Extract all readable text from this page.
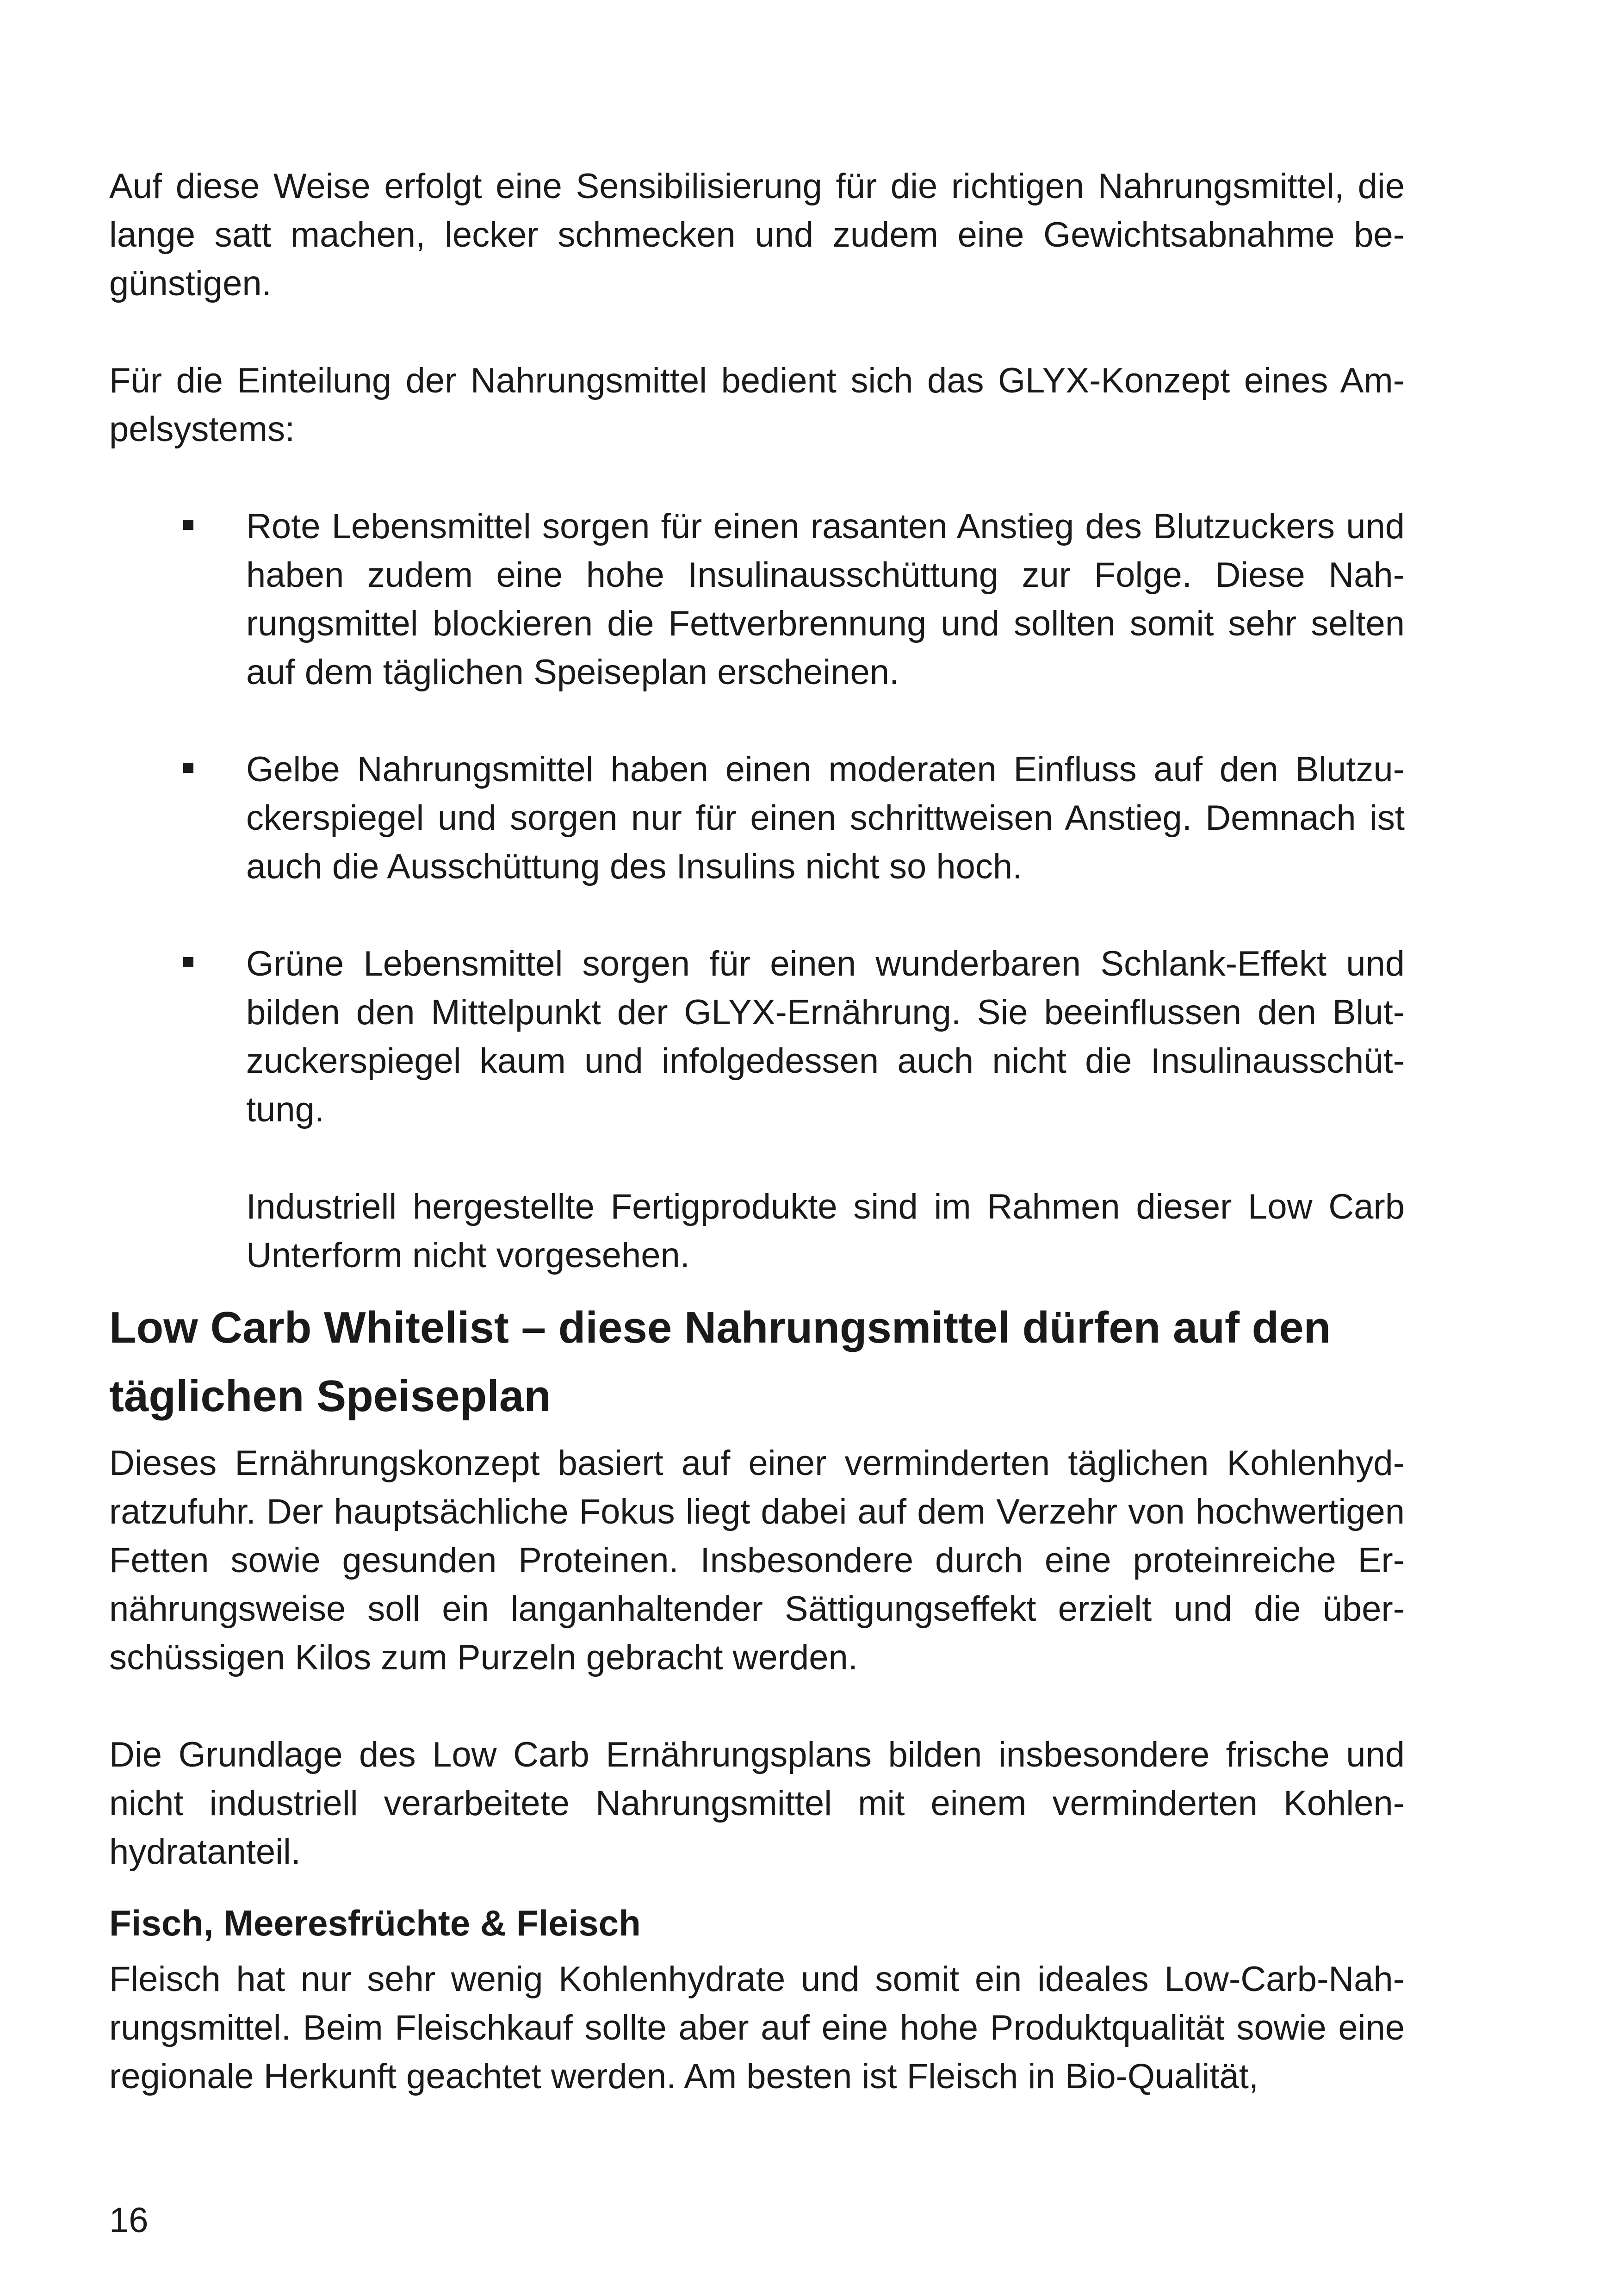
Auf diese Weise erfolgt eine Sensibilisierung für die richtigen Nahrungsmittel, die lange satt machen, lecker schmecken und zudem eine Gewichtsabnahme begünstigen.

Für die Einteilung der Nahrungsmittel bedient sich das GLYX-Konzept eines Ampelsystems:

Rote Lebensmittel sorgen für einen rasanten Anstieg des Blutzuckers und haben zudem eine hohe Insulinausschüttung zur Folge. Diese Nahrungsmittel blockieren die Fettverbrennung und sollten somit sehr selten auf dem täglichen Speiseplan erscheinen.
Gelbe Nahrungsmittel haben einen moderaten Einfluss auf den Blutzuckerspiegel und sorgen nur für einen schrittweisen Anstieg. Demnach ist auch die Ausschüttung des Insulins nicht so hoch.
Grüne Lebensmittel sorgen für einen wunderbaren Schlank-Effekt und bilden den Mittelpunkt der GLYX-Ernährung. Sie beeinflussen den Blutzuckerspiegel kaum und infolgedessen auch nicht die Insulinausschüttung.

Industriell hergestellte Fertigprodukte sind im Rahmen dieser Low Carb Unterform nicht vorgesehen.

Low Carb Whitelist – diese Nahrungsmittel dürfen auf den täglichen Speiseplan

Dieses Ernährungskonzept basiert auf einer verminderten täglichen Kohlenhydratzufuhr. Der hauptsächliche Fokus liegt dabei auf dem Verzehr von hochwertigen Fetten sowie gesunden Proteinen. Insbesondere durch eine proteinreiche Ernährungsweise soll ein langanhaltender Sättigungseffekt erzielt und die überschüssigen Kilos zum Purzeln gebracht werden.

Die Grundlage des Low Carb Ernährungsplans bilden insbesondere frische und nicht industriell verarbeitete Nahrungsmittel mit einem verminderten Kohlenhydratanteil.

Fisch, Meeresfrüchte & Fleisch

Fleisch hat nur sehr wenig Kohlenhydrate und somit ein ideales Low-Carb-Nahrungsmittel. Beim Fleischkauf sollte aber auf eine hohe Produktqualität sowie eine regionale Herkunft geachtet werden. Am besten ist Fleisch in Bio-Qualität,

16
